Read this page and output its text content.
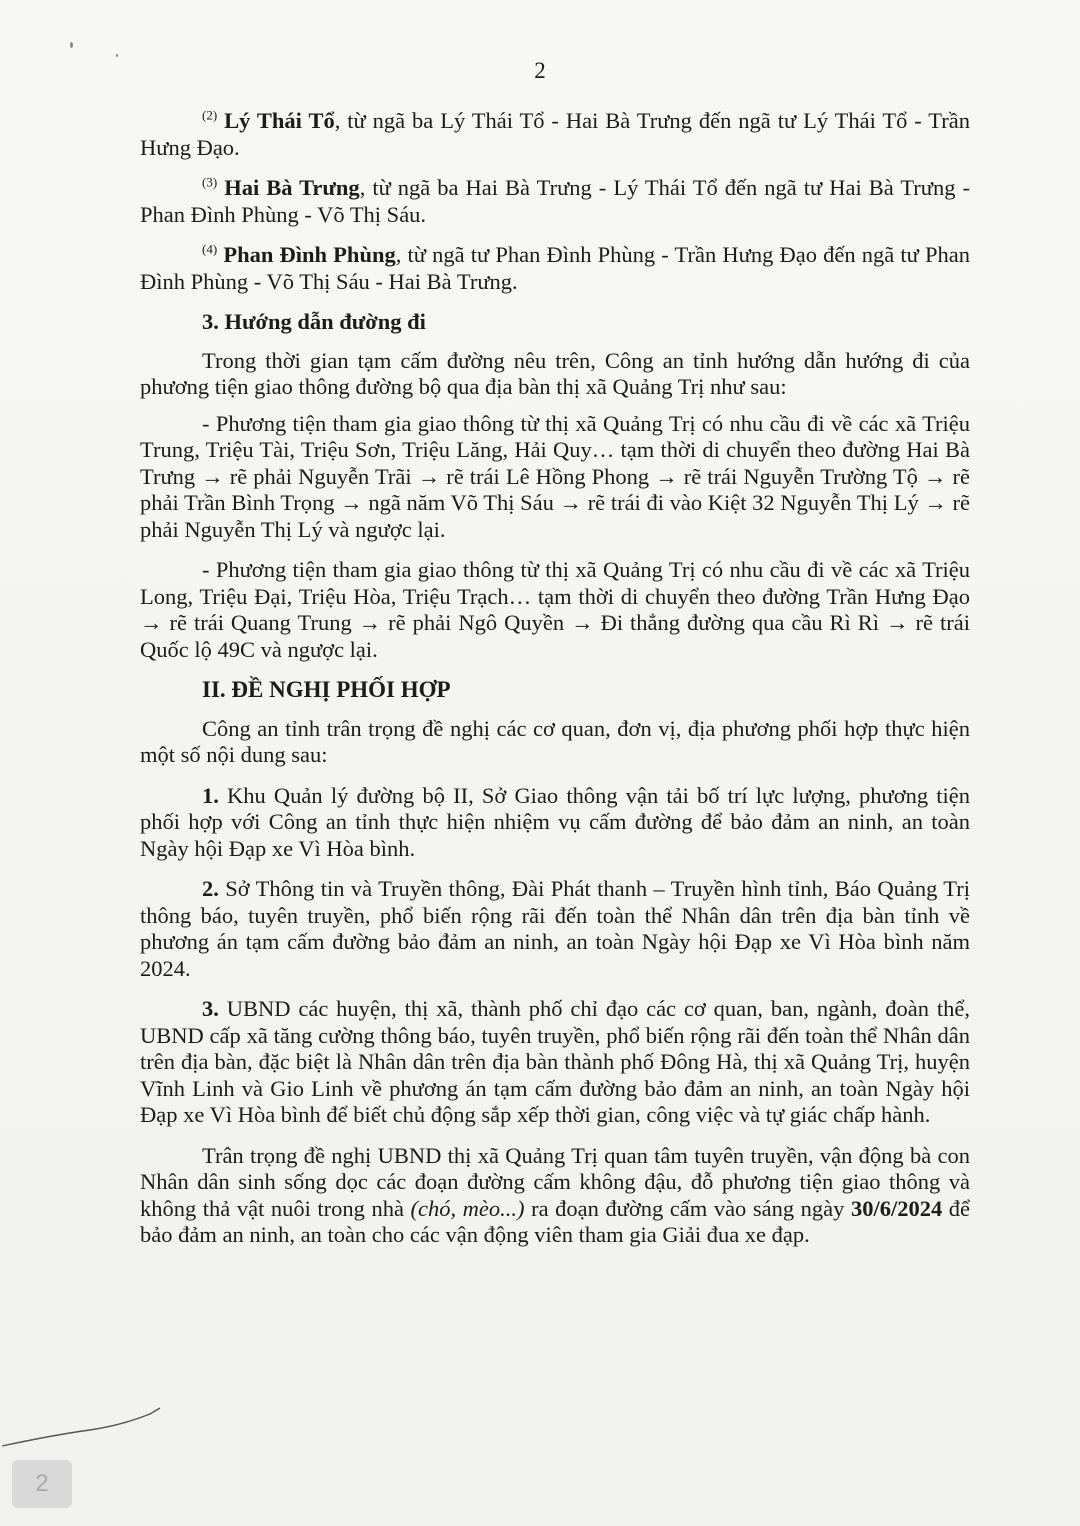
2

$^{(2)}$ Lý Thái Tổ, từ ngã ba Lý Thái Tổ - Hai Bà Trưng đến ngã tư Lý Thái Tổ - Trần Hưng Đạo.

$^{(3)}$ Hai Bà Trưng, từ ngã ba Hai Bà Trưng - Lý Thái Tổ đến ngã tư Hai Bà Trưng - Phan Đình Phùng - Võ Thị Sáu.

$^{(4)}$ Phan Đình Phùng, từ ngã tư Phan Đình Phùng - Trần Hưng Đạo đến ngã tư Phan Đình Phùng - Võ Thị Sáu - Hai Bà Trưng.

3. Hướng dẫn đường đi

Trong thời gian tạm cấm đường nêu trên, Công an tỉnh hướng dẫn hướng đi của phương tiện giao thông đường bộ qua địa bàn thị xã Quảng Trị như sau:

- Phương tiện tham gia giao thông từ thị xã Quảng Trị có nhu cầu đi về các xã Triệu Trung, Triệu Tài, Triệu Sơn, Triệu Lăng, Hải Quy… tạm thời di chuyển theo đường Hai Bà Trưng → rẽ phải Nguyễn Trãi → rẽ trái Lê Hồng Phong → rẽ trái Nguyễn Trường Tộ → rẽ phải Trần Bình Trọng → ngã năm Võ Thị Sáu → rẽ trái đi vào Kiệt 32 Nguyễn Thị Lý → rẽ phải Nguyễn Thị Lý và ngược lại.

- Phương tiện tham gia giao thông từ thị xã Quảng Trị có nhu cầu đi về các xã Triệu Long, Triệu Đại, Triệu Hòa, Triệu Trạch… tạm thời di chuyển theo đường Trần Hưng Đạo → rẽ trái Quang Trung → rẽ phải Ngô Quyền → Đi thẳng đường qua cầu Rì Rì → rẽ trái Quốc lộ 49C và ngược lại.

II. ĐỀ NGHỊ PHỐI HỢP

Công an tỉnh trân trọng đề nghị các cơ quan, đơn vị, địa phương phối hợp thực hiện một số nội dung sau:

1. Khu Quản lý đường bộ II, Sở Giao thông vận tải bố trí lực lượng, phương tiện phối hợp với Công an tỉnh thực hiện nhiệm vụ cấm đường để bảo đảm an ninh, an toàn Ngày hội Đạp xe Vì Hòa bình.

2. Sở Thông tin và Truyền thông, Đài Phát thanh – Truyền hình tỉnh, Báo Quảng Trị thông báo, tuyên truyền, phổ biến rộng rãi đến toàn thể Nhân dân trên địa bàn tỉnh về phương án tạm cấm đường bảo đảm an ninh, an toàn Ngày hội Đạp xe Vì Hòa bình năm 2024.

3. UBND các huyện, thị xã, thành phố chỉ đạo các cơ quan, ban, ngành, đoàn thể, UBND cấp xã tăng cường thông báo, tuyên truyền, phổ biến rộng rãi đến toàn thể Nhân dân trên địa bàn, đặc biệt là Nhân dân trên địa bàn thành phố Đông Hà, thị xã Quảng Trị, huyện Vĩnh Linh và Gio Linh về phương án tạm cấm đường bảo đảm an ninh, an toàn Ngày hội Đạp xe Vì Hòa bình để biết chủ động sắp xếp thời gian, công việc và tự giác chấp hành.

Trân trọng đề nghị UBND thị xã Quảng Trị quan tâm tuyên truyền, vận động bà con Nhân dân sinh sống dọc các đoạn đường cấm không đậu, đỗ phương tiện giao thông và không thả vật nuôi trong nhà (chó, mèo...) ra đoạn đường cấm vào sáng ngày 30/6/2024 để bảo đảm an ninh, an toàn cho các vận động viên tham gia Giải đua xe đạp.

2
